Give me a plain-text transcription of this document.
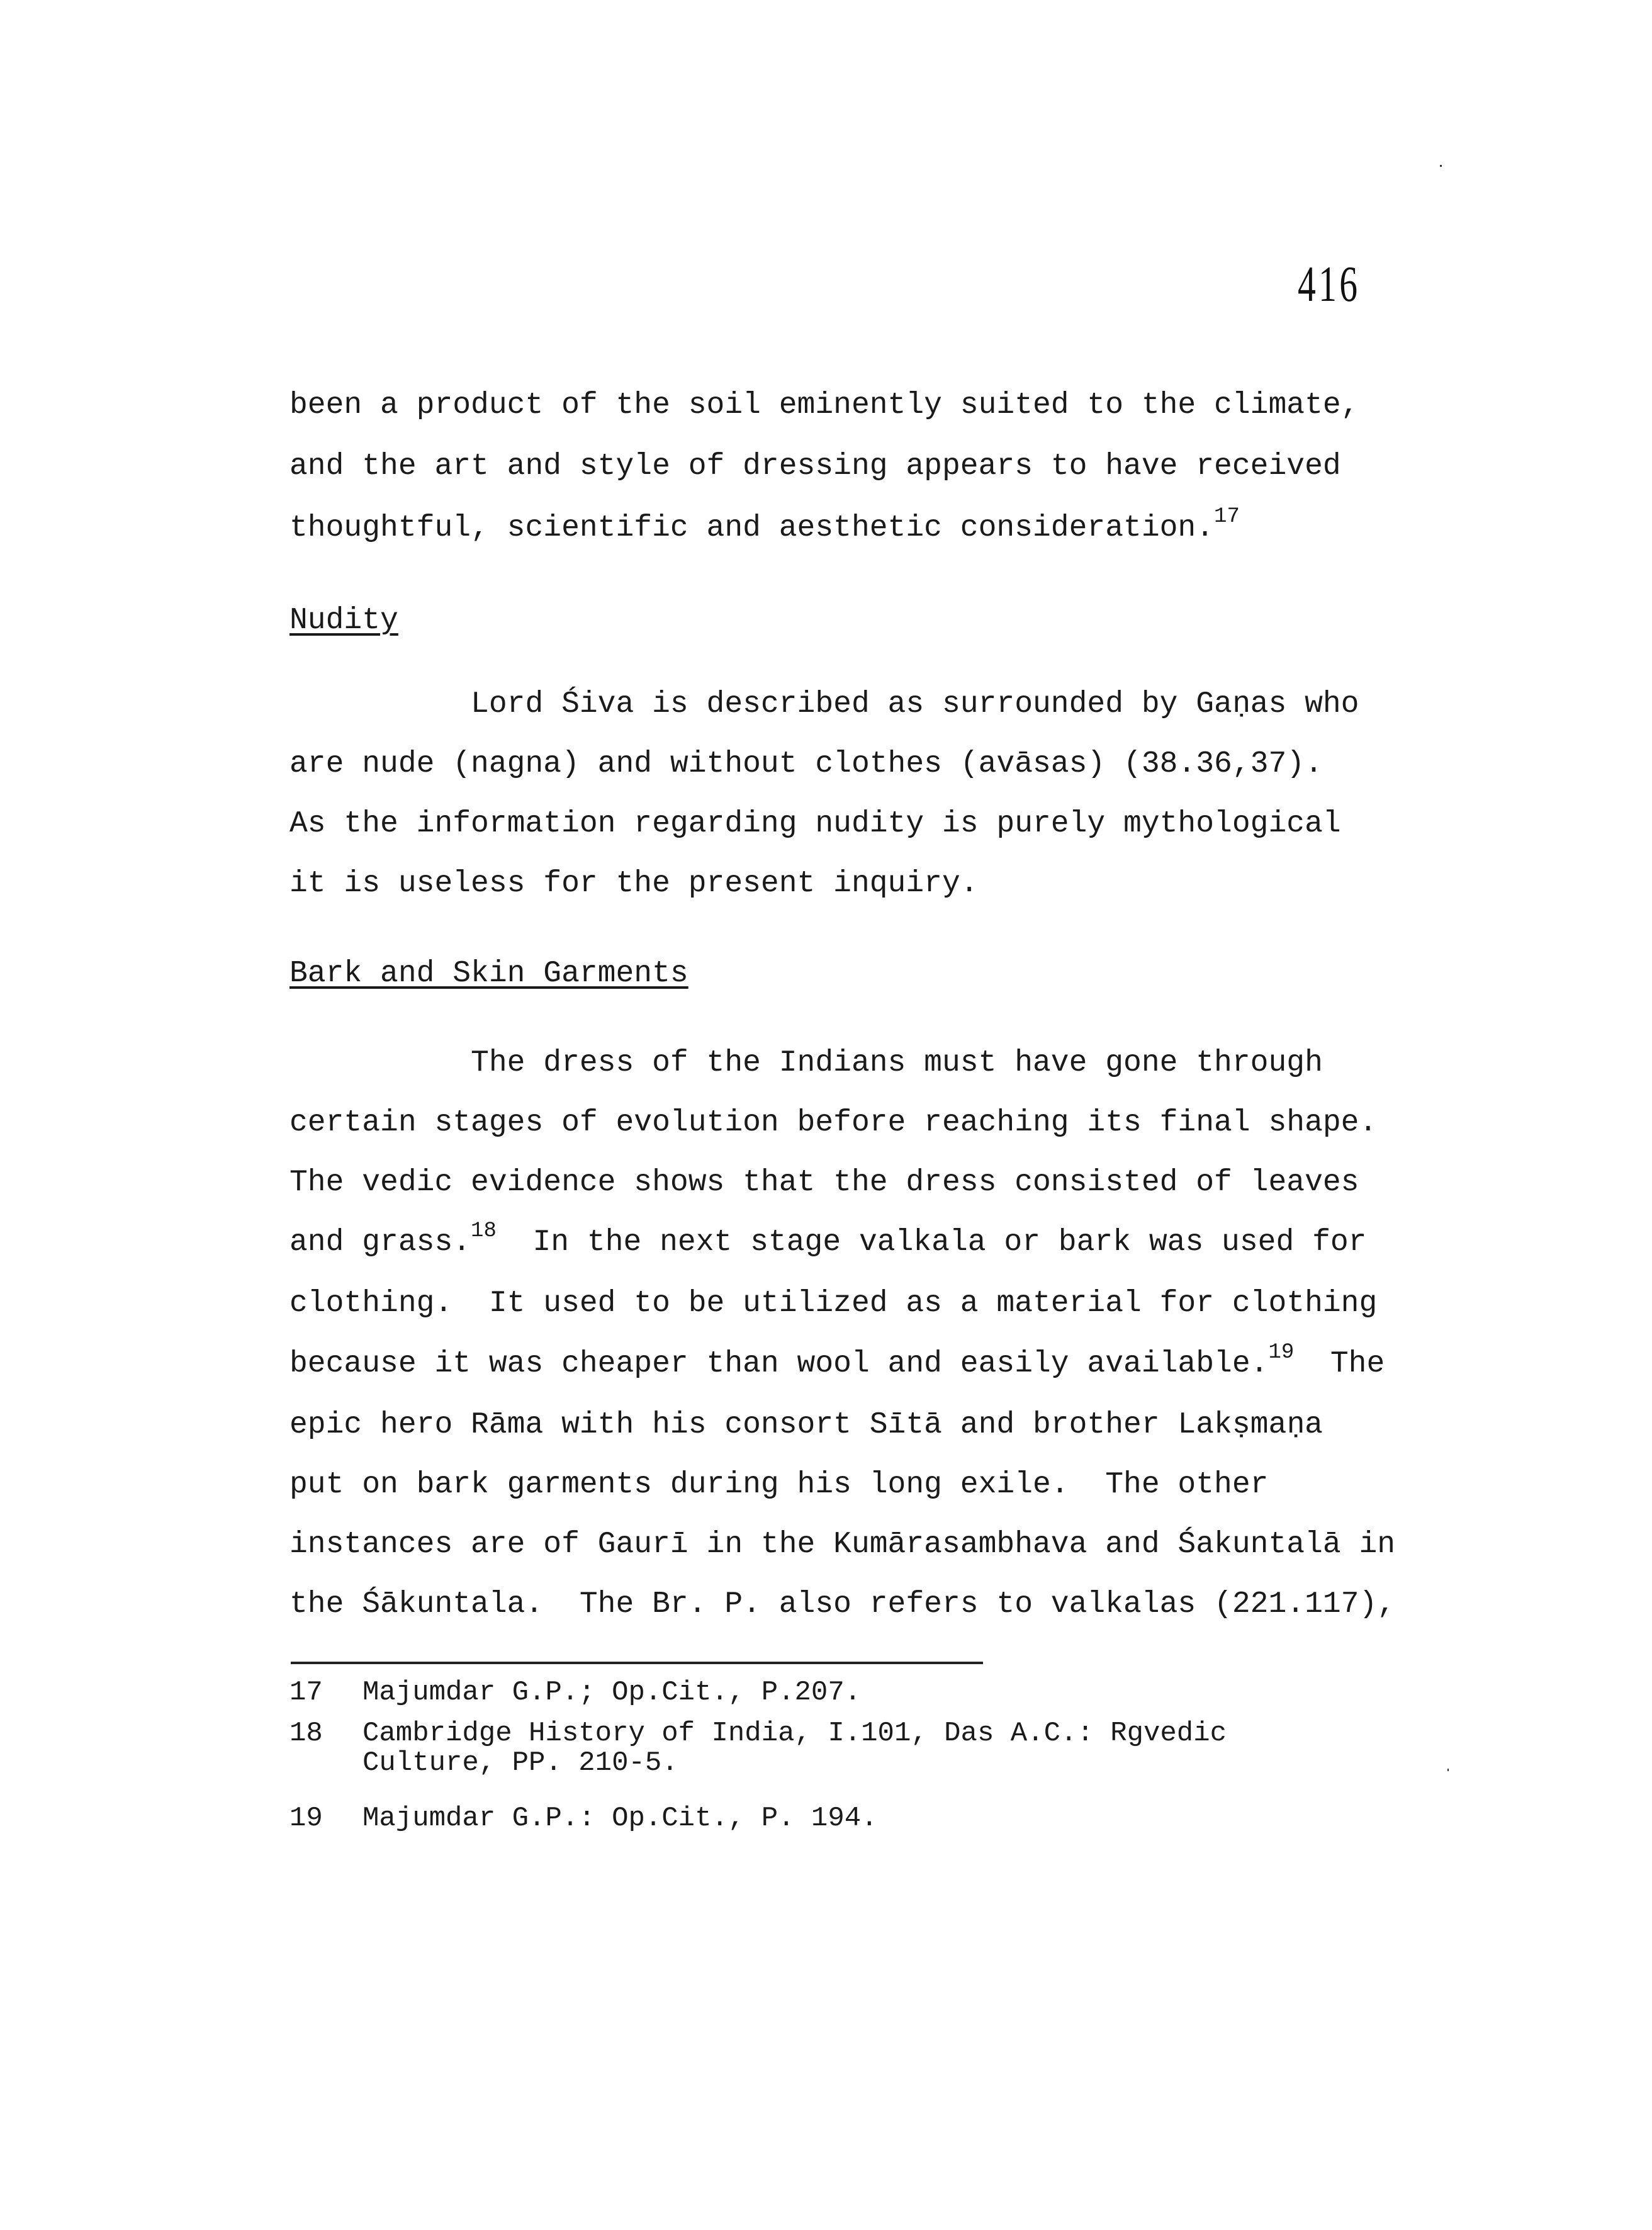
416
been a product of the soil eminently suited to the climate,
and the art and style of dressing appears to have received
thoughtful, scientific and aesthetic consideration.$^{17}$
Nudity
Lord Śiva is described as surrounded by Gaṇas who
are nude (nagna) and without clothes (avāsas) (38.36,37).
As the information regarding nudity is purely mythological
it is useless for the present inquiry.
Bark and Skin Garments
The dress of the Indians must have gone through
certain stages of evolution before reaching its final shape.
The vedic evidence shows that the dress consisted of leaves
and grass.$^{18}$  In the next stage valkala or bark was used for
clothing.  It used to be utilized as a material for clothing
because it was cheaper than wool and easily available.$^{19}$  The
epic hero Rāma with his consort Sītā and brother Lakṣmaṇa
put on bark garments during his long exile.  The other
instances are of Gaurī in the Kumārasambhava and Śakuntalā in
the Śākuntala.  The Br. P. also refers to valkalas (221.117),
17 Majumdar G.P.; Op.Cit., P.207.
18 Cambridge History of India, I.101, Das A.C.: Rgvedic
Culture, PP. 210-5.
19 Majumdar G.P.: Op.Cit., P. 194.
